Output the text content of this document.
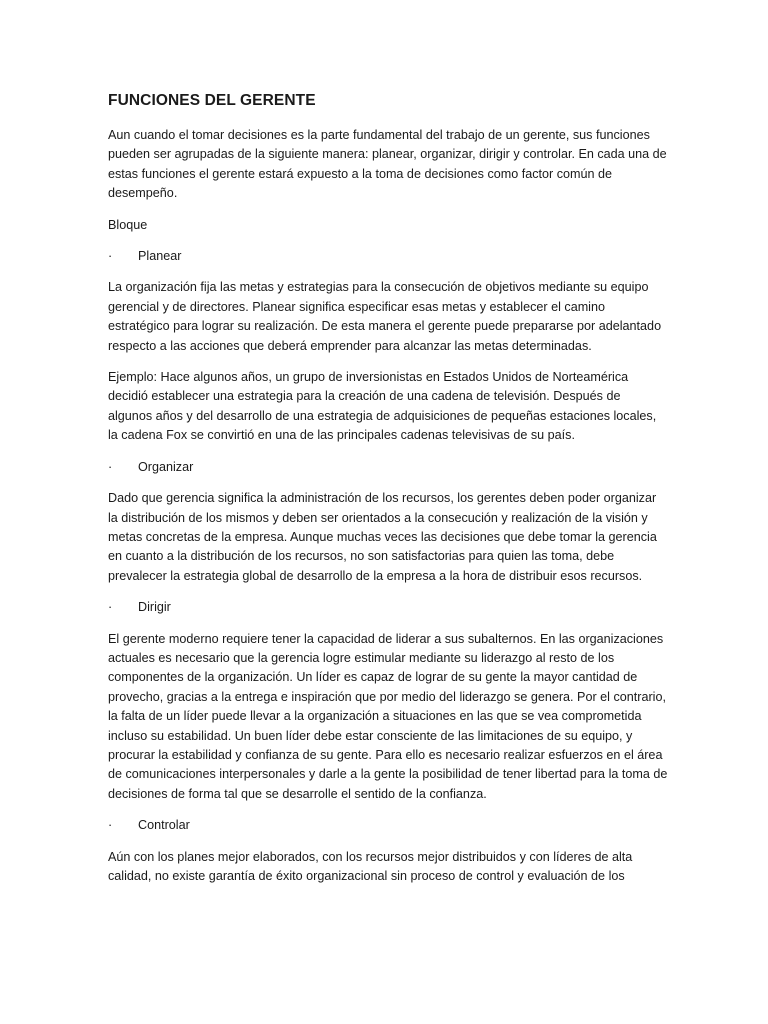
FUNCIONES DEL GERENTE

Aun cuando el tomar decisiones es la parte fundamental del trabajo de un gerente, sus funciones pueden ser agrupadas de la siguiente manera: planear, organizar, dirigir y controlar. En cada una de estas funciones el gerente estará expuesto a la toma de decisiones como factor común de desempeño.

Bloque

·	Planear

La organización fija las metas y estrategias para la consecución de objetivos mediante su equipo gerencial y de directores. Planear significa especificar esas metas y establecer el camino estratégico para lograr su realización. De esta manera el gerente puede prepararse por adelantado respecto a las acciones que deberá emprender para alcanzar las metas determinadas.

Ejemplo: Hace algunos años, un grupo de inversionistas en Estados Unidos de Norteamérica decidió establecer una estrategia para la creación de una cadena de televisión. Después de algunos años y del desarrollo de una estrategia de adquisiciones de pequeñas estaciones locales, la cadena Fox se convirtió en una de las principales cadenas televisivas de su país.

·	Organizar

Dado que gerencia significa la administración de los recursos, los gerentes deben poder organizar la distribución de los mismos y deben ser orientados a la consecución y realización de la visión y metas concretas de la empresa. Aunque muchas veces las decisiones que debe tomar la gerencia en cuanto a la distribución de los recursos, no son satisfactorias para quien las toma, debe prevalecer la estrategia global de desarrollo de la empresa a la hora de distribuir esos recursos.

·	Dirigir

El gerente moderno requiere tener la capacidad de liderar a sus subalternos. En las organizaciones actuales es necesario que la gerencia logre estimular mediante su liderazgo al resto de los componentes de la organización. Un líder es capaz de lograr de su gente la mayor cantidad de provecho, gracias a la entrega e inspiración que por medio del liderazgo se genera. Por el contrario, la falta de un líder puede llevar a la organización a situaciones en las que se vea comprometida incluso su estabilidad. Un buen líder debe estar consciente de las limitaciones de su equipo, y procurar la estabilidad y confianza de su gente. Para ello es necesario realizar esfuerzos en el área de comunicaciones interpersonales y darle a la gente la posibilidad de tener libertad para la toma de decisiones de forma tal que se desarrolle el sentido de la confianza.

·	Controlar

Aún con los planes mejor elaborados, con los recursos mejor distribuidos y con líderes de alta calidad, no existe garantía de éxito organizacional sin proceso de control y evaluación de los
